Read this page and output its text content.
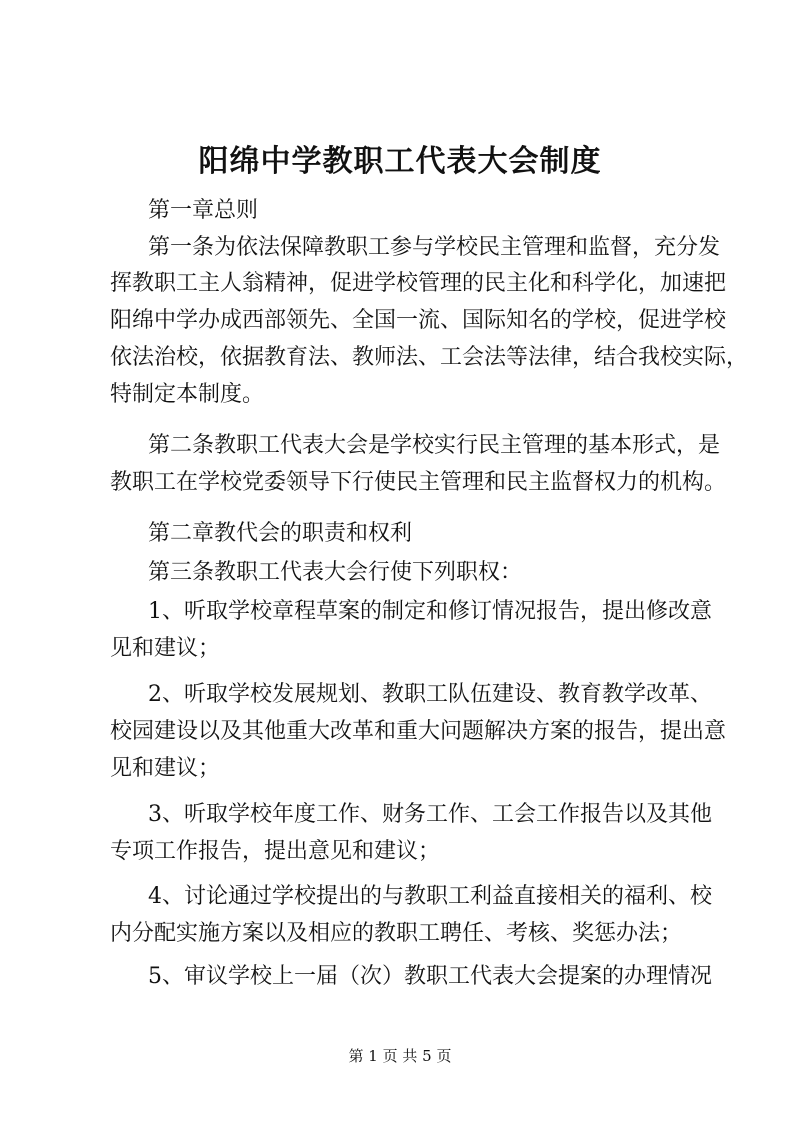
阳绵中学教职工代表大会制度
第一章总则
第一条为依法保障教职工参与学校民主管理和监督，充分发
挥教职工主人翁精神，促进学校管理的民主化和科学化，加速把
阳绵中学办成西部领先、全国一流、国际知名的学校，促进学校
依法治校，依据教育法、教师法、工会法等法律，结合我校实际，
特制定本制度。
第二条教职工代表大会是学校实行民主管理的基本形式，是
教职工在学校党委领导下行使民主管理和民主监督权力的机构。
第二章教代会的职责和权利
第三条教职工代表大会行使下列职权：
1、听取学校章程草案的制定和修订情况报告，提出修改意
见和建议；
2、听取学校发展规划、教职工队伍建设、教育教学改革、
校园建设以及其他重大改革和重大问题解决方案的报告，提出意
见和建议；
3、听取学校年度工作、财务工作、工会工作报告以及其他
专项工作报告，提出意见和建议；
4、讨论通过学校提出的与教职工利益直接相关的福利、校
内分配实施方案以及相应的教职工聘任、考核、奖惩办法；
5、审议学校上一届（次）教职工代表大会提案的办理情况
第 1 页 共 5 页
